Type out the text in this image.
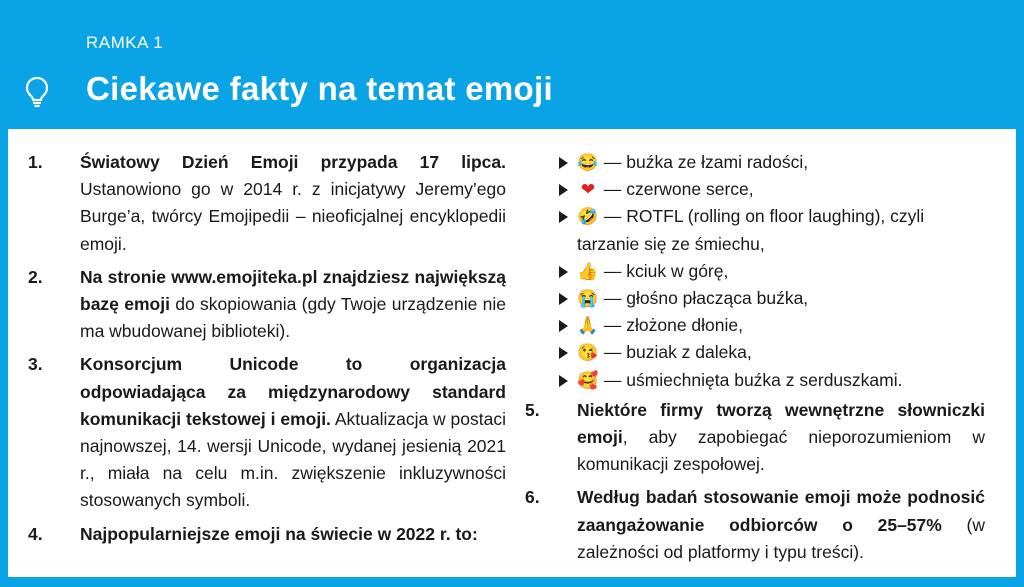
RAMKA 1
Ciekawe fakty na temat emoji
1. Światowy Dzień Emoji przypada 17 lipca. Ustanowiono go w 2014 r. z inicjatywy Jeremy’ego Burge’a, twórcy Emojipedii – nieoficjalnej encyklopedii emoji.
2. Na stronie www.emojiteka.pl znajdziesz największą bazę emoji do skopiowania (gdy Twoje urządzenie nie ma wbudowanej biblioteki).
3. Konsorcjum Unicode to organizacja odpowiadająca za międzynarodowy standard komunikacji tekstowej i emoji. Aktualizacja w postaci najnowszej, 14. wersji Unicode, wydanej jesienią 2021 r., miała na celu m.in. zwiększenie inkluzywności stosowanych symboli.
4. Najpopularniejsze emoji na świecie w 2022 r. to:
😂 — buźka ze łzami radości,
❤ — czerwone serce,
🤣 — ROTFL (rolling on floor laughing), czyli tarzanie się ze śmiechu,
👍 — kciuk w górę,
😭 — głośno płacząca buźka,
🙏 — złożone dłonie,
😘 — buziak z daleka,
🥰 — uśmiechnięta buźka z serduszkami.
5. Niektóre firmy tworzą wewnętrzne słowniczki emoji, aby zapobiegać nieporozumieniom w komunikacji zespołowej.
6. Według badań stosowanie emoji może podnosić zaangażowanie odbiorców o 25–57% (w zależności od platformy i typu treści).
